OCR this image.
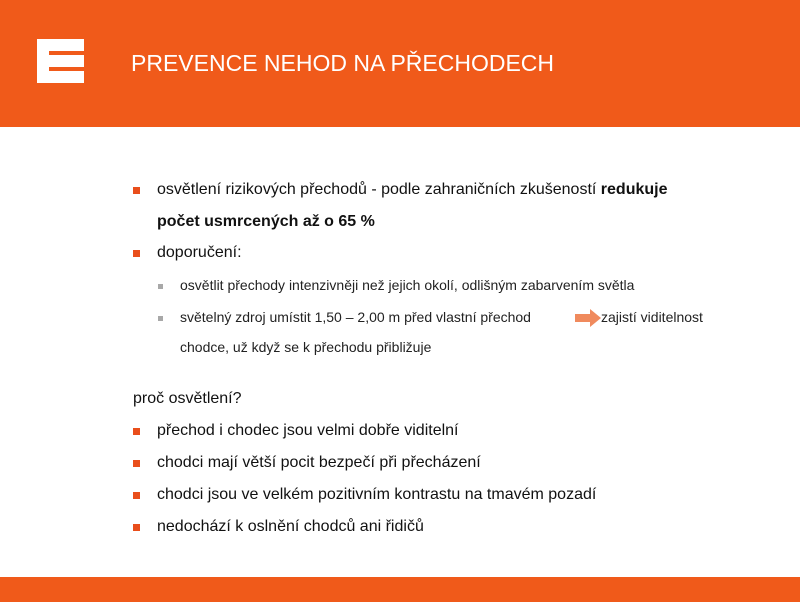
PREVENCE NEHOD NA PŘECHODECH
osvětlení rizikových přechodů - podle zahraničních zkušeností redukuje
počet usmrcených až o 65 %
doporučení:
osvětlit přechody intenzivněji než jejich okolí, odlišným zabarvením světla
světelný zdroj umístit 1,50 – 2,00 m před vlastní přechod	zajistí viditelnost
chodce, už když se k přechodu přibližuje
proč osvětlení?
přechod i chodec jsou velmi dobře viditelní
chodci mají větší pocit bezpečí při přecházení
chodci jsou ve velkém pozitivním kontrastu na tmavém pozadí
nedochází k oslnění chodců ani řidičů
